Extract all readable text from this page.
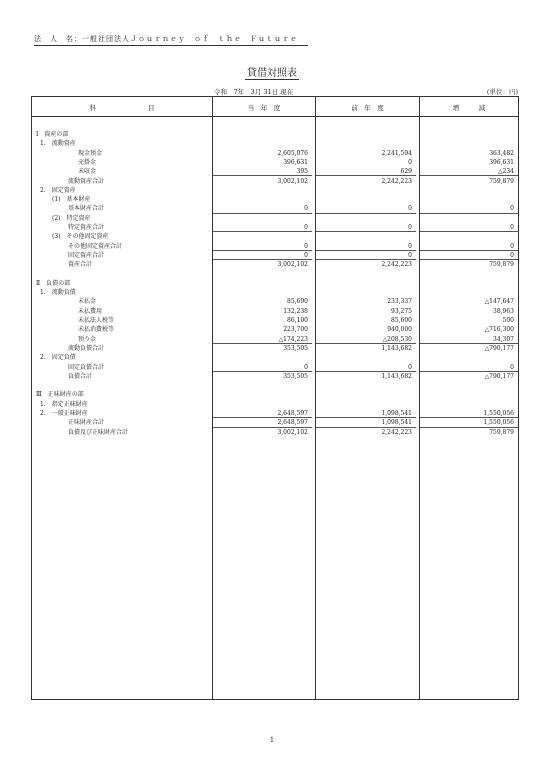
法　人　名：一般社団法人Ｊｏｕｒｎｅｙ　ｏｆ　ｔｈｅ　Ｆｕｔｕｒｅ
貸借対照表
令和　7年　3月 31日 現在	(単位：円)
科　　　　　　　　目	当　年　度	前　年　度	増　　　減
Ⅰ　資産の部
1.　流動資産
現金預金	2,605,076	2,241,594	363,482
売掛金	396,631	0	396,631
未収金	395	629	△234
流動資産合計	3,002,102	2,242,223	759,879
2.　固定資産
(1)　基本財産
基本財産合計	0	0	0
(2)　特定資産
特定資産合計	0	0	0
(3)　その他固定資産
その他固定資産合計	0	0	0
固定資産合計	0	0	0
資産合計	3,002,102	2,242,223	759,879
Ⅱ　負債の部
1.　流動負債
未払金	85,690	233,337	△147,647
未払費用	132,238	93,275	38,963
未払法人税等	86,100	85,600	500
未払消費税等	223,700	940,000	△716,300
預り金	△174,223	△208,530	34,307
流動負債合計	353,505	1,143,682	△790,177
2.　固定負債
固定負債合計	0	0	0
負債合計	353,505	1,143,682	△790,177
Ⅲ　正味財産の部
1.　指定正味財産
2.　一般正味財産	2,648,597	1,098,541	1,550,056
正味財産合計	2,648,597	1,098,541	1,550,056
負債及び正味財産合計	3,002,102	2,242,223	759,879
1
